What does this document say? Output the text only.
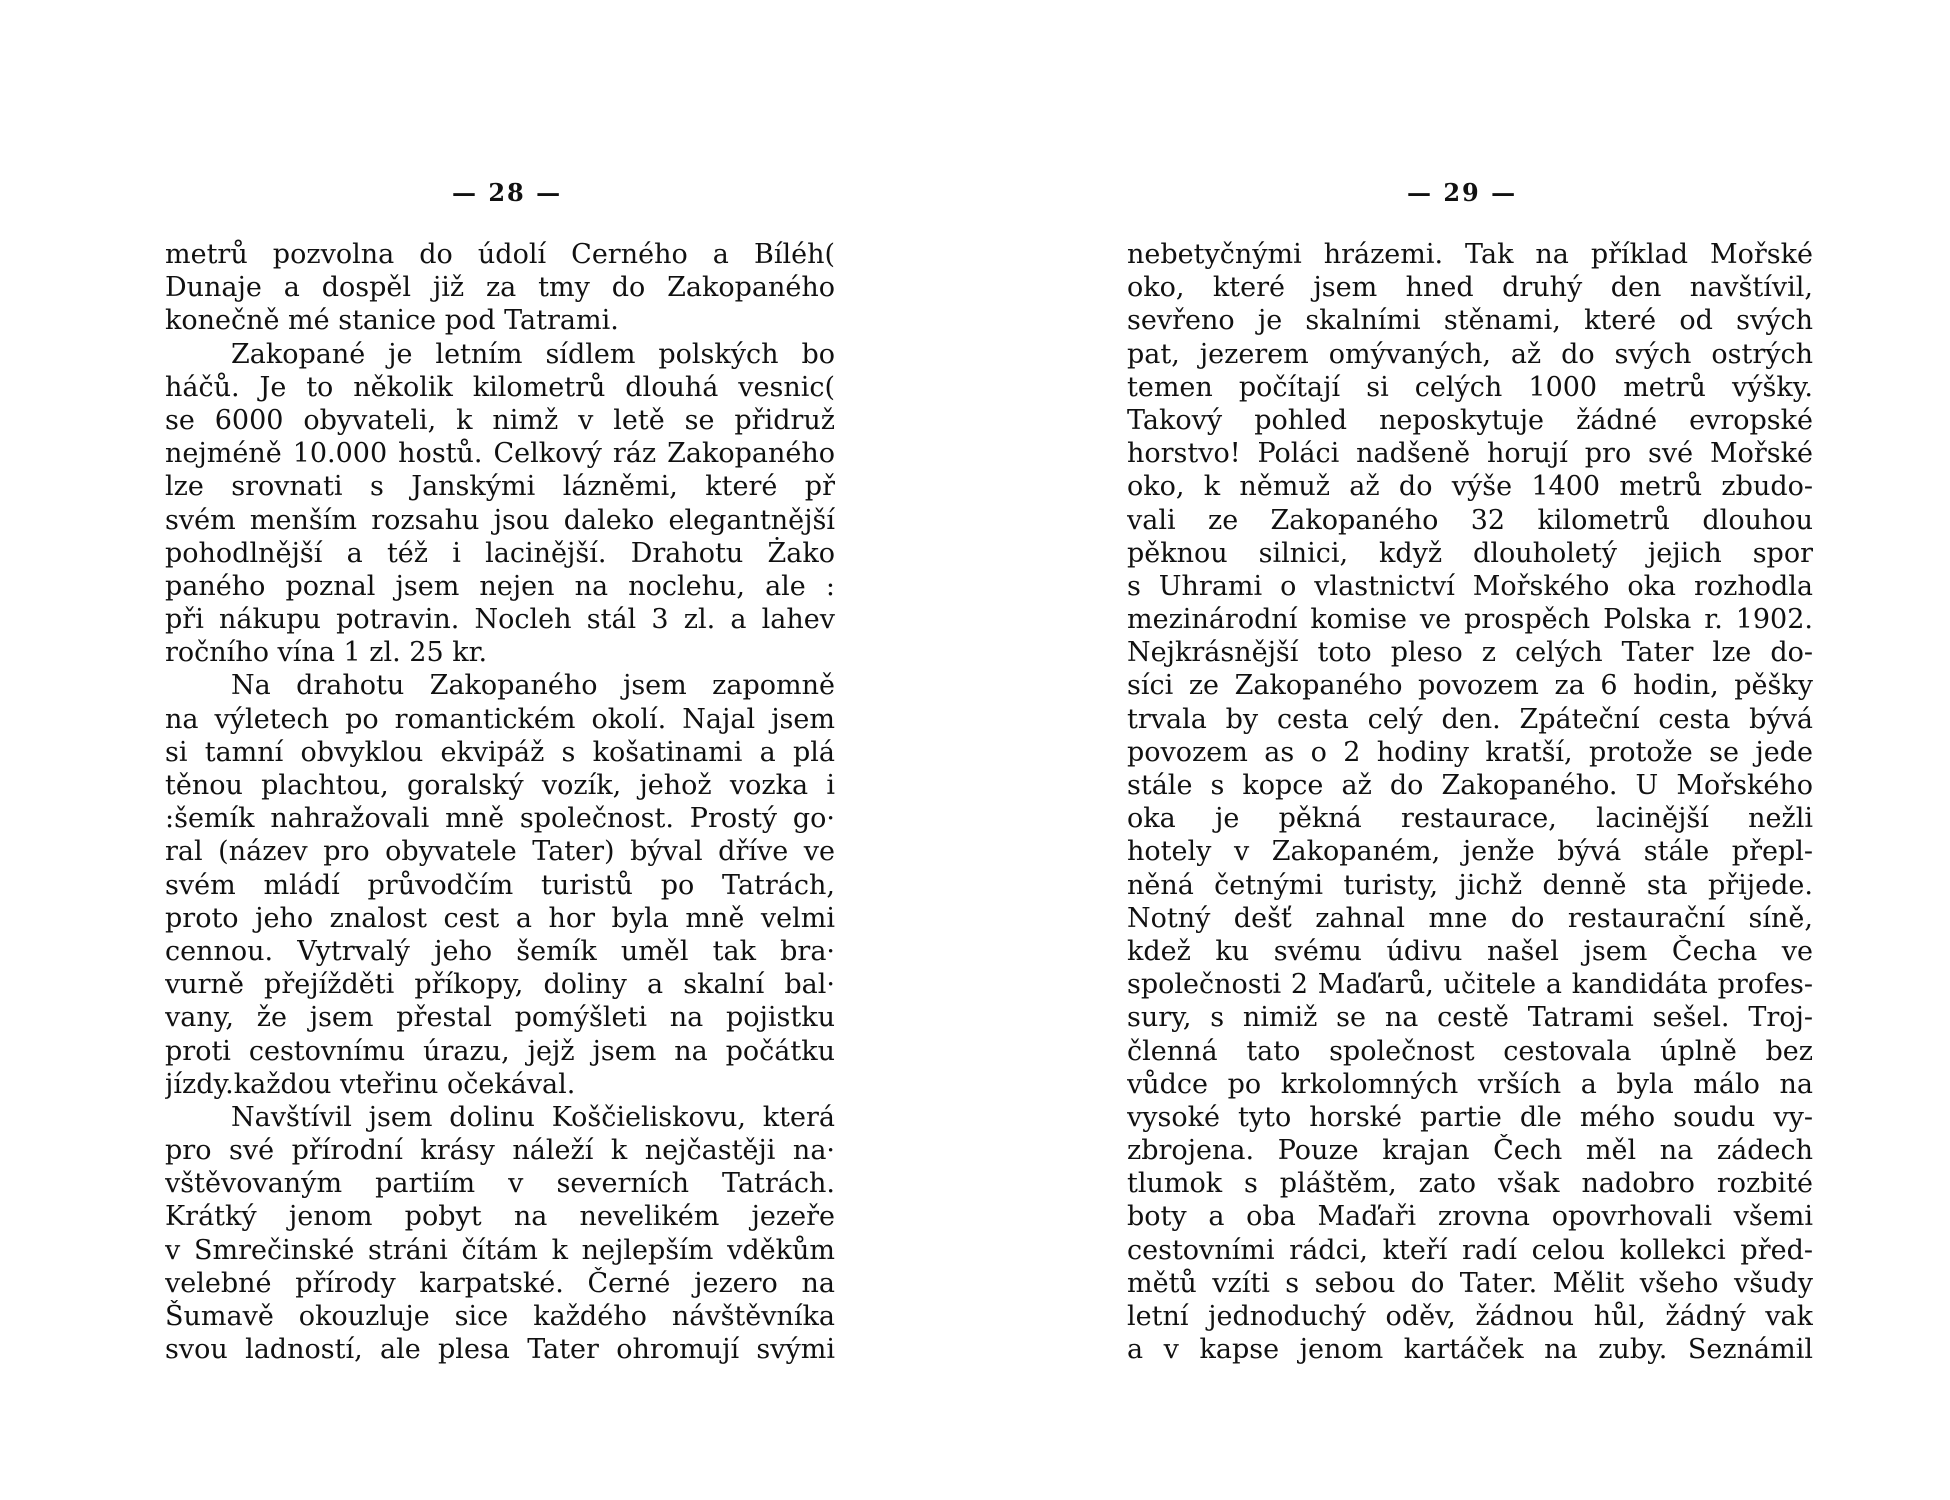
— 28 —
metrů pozvolna do údolí Cerného a Bíléh(
Dunaje a dospěl již za tmy do Zakopaného
konečně mé stanice pod Tatrami.
Zakopané je letním sídlem polských bo
háčů. Je to několik kilometrů dlouhá vesnic(
se 6000 obyvateli, k nimž v letě se přidruž
nejméně 10.000 hostů. Celkový ráz Zakopaného
lze srovnati s Janskými lázněmi, které př
svém menším rozsahu jsou daleko elegantnější
pohodlnější a též i lacinější. Drahotu Żako
paného poznal jsem nejen na noclehu, ale :
při nákupu potravin. Nocleh stál 3 zl. a lahev
ročního vína 1 zl. 25 kr.
Na drahotu Zakopaného jsem zapomně
na výletech po romantickém okolí. Najal jsem
si tamní obvyklou ekvipáž s košatinami a plá
těnou plachtou, goralský vozík, jehož vozka i
:šemík nahražovali mně společnost. Prostý go·
ral (název pro obyvatele Tater) býval dříve ve
svém mládí průvodčím turistů po Tatrách,
proto jeho znalost cest a hor byla mně velmi
cennou. Vytrvalý jeho šemík uměl tak bra·
vurně přejížděti příkopy, doliny a skalní bal·
vany, že jsem přestal pomýšleti na pojistku
proti cestovnímu úrazu, jejž jsem na počátku
jízdy.každou vteřinu očekával.
Navštívil jsem dolinu Koščieliskovu, která
pro své přírodní krásy náleží k nejčastěji na·
vštěvovaným partiím v severních Tatrách.
Krátký jenom pobyt na nevelikém jezeře
v Smrečinské stráni čítám k nejlepším vděkům
velebné přírody karpatské. Černé jezero na
Šumavě okouzluje sice každého návštěvníka
svou ladností, ale plesa Tater ohromují svými
— 29 —
nebetyčnými hrázemi. Tak na příklad Mořské
oko, které jsem hned druhý den navštívil,
sevřeno je skalními stěnami, které od svých
pat, jezerem omývaných, až do svých ostrých
temen počítají si celých 1000 metrů výšky.
Takový pohled neposkytuje žádné evropské
horstvo! Poláci nadšeně horují pro své Mořské
oko, k němuž až do výše 1400 metrů zbudo-
vali ze Zakopaného 32 kilometrů dlouhou
pěknou silnici, když dlouholetý jejich spor
s Uhrami o vlastnictví Mořského oka rozhodla
mezinárodní komise ve prospěch Polska r. 1902.
Nejkrásnější toto pleso z celých Tater lze do-
síci ze Zakopaného povozem za 6 hodin, pěšky
trvala by cesta celý den. Zpáteční cesta bývá
povozem as o 2 hodiny kratší, protože se jede
stále s kopce až do Zakopaného. U Mořského
oka je pěkná restaurace, lacinější nežli
hotely v Zakopaném, jenže bývá stále přepl-
něná četnými turisty, jichž denně sta přijede.
Notný dešť zahnal mne do restaurační síně,
kdež ku svému údivu našel jsem Čecha ve
společnosti 2 Maďarů, učitele a kandidáta profes-
sury, s nimiž se na cestě Tatrami sešel. Troj-
členná tato společnost cestovala úplně bez
vůdce po krkolomných vrších a byla málo na
vysoké tyto horské partie dle mého soudu vy-
zbrojena. Pouze krajan Čech měl na zádech
tlumok s pláštěm, zato však nadobro rozbité
boty a oba Maďaři zrovna opovrhovali všemi
cestovními rádci, kteří radí celou kollekci před-
mětů vzíti s sebou do Tater. Mělit všeho všudy
letní jednoduchý oděv, žádnou hůl, žádný vak
a v kapse jenom kartáček na zuby. Seznámil
